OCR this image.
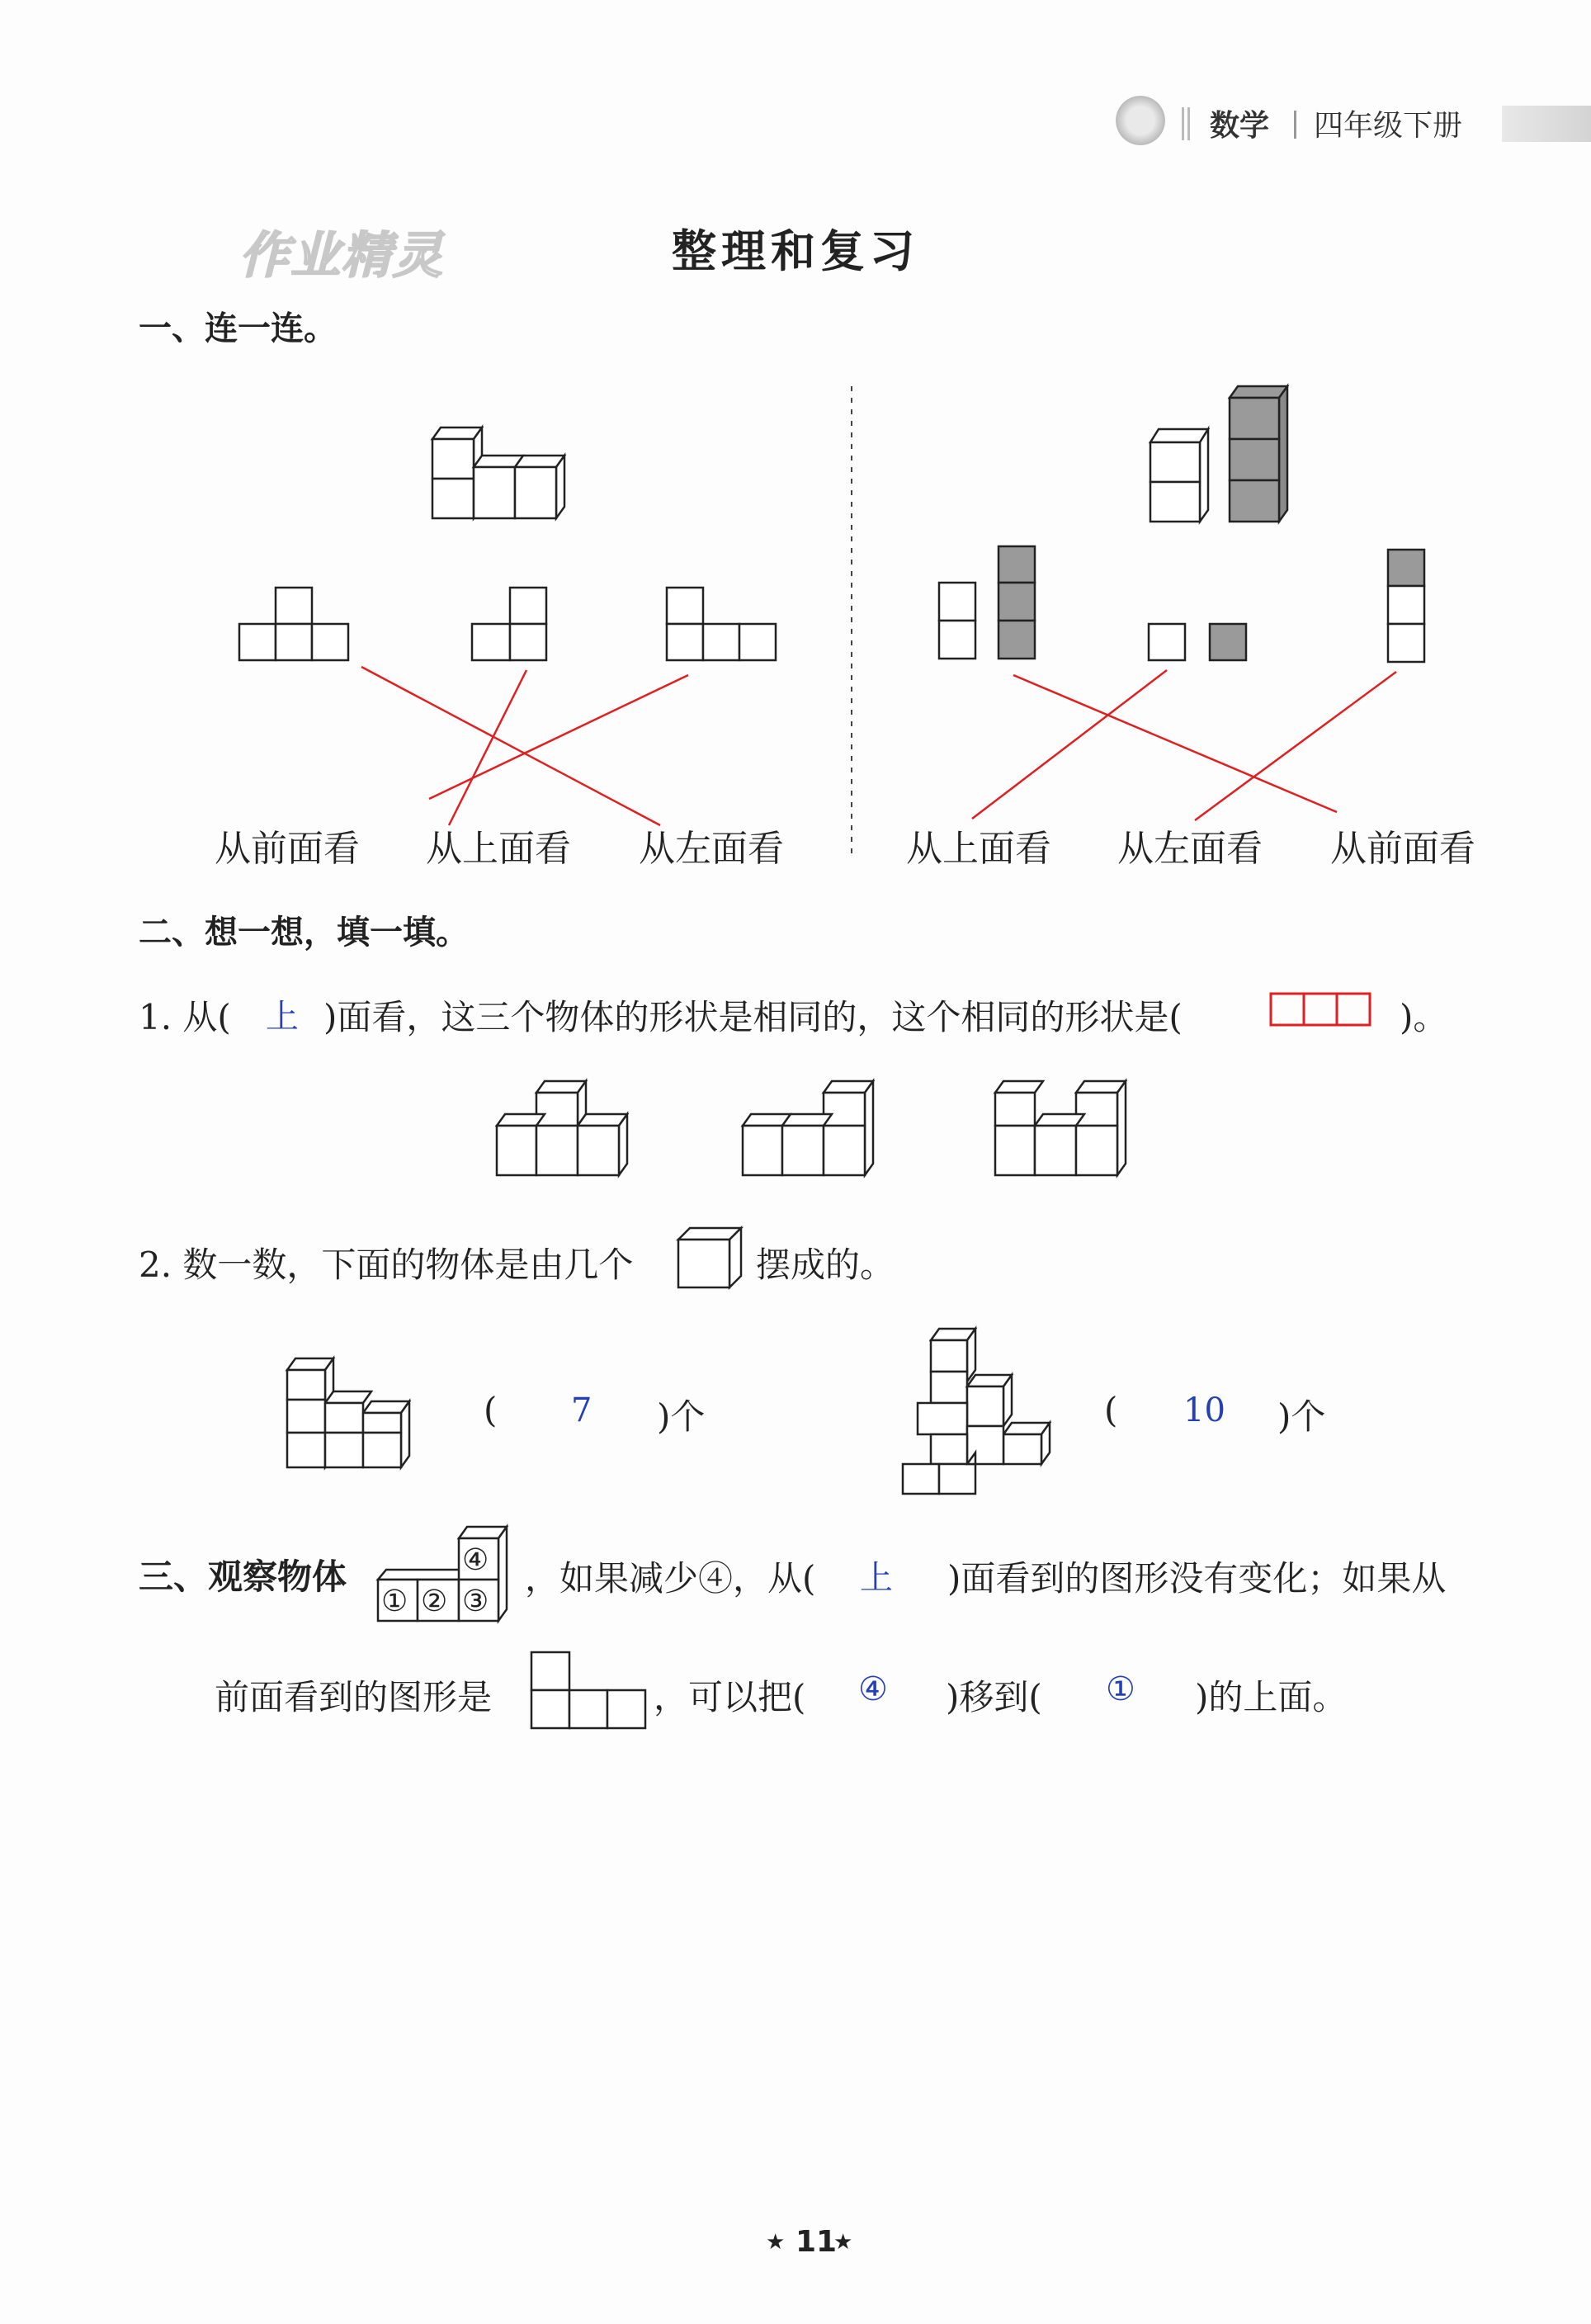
数学 四年级下册
作业精灵	整理和复习
一、连一连。
从前面看 从上面看 从左面看	从上面看 从左面看 从前面看
二、想一想，填一填。
1. 从( 上 )面看，这三个物体的形状是相同的，这个相同的形状是(	)。
2. 数一数，下面的物体是由几个	摆成的。
( 7 )个	( 10 )个
三、观察物体
① ② ③
④ ，如果减少④，从( 上 )面看到的图形没有变化；如果从
前面看到的图形是	，可以把( ④ )移到( ① )的上面。
★ 11
★
